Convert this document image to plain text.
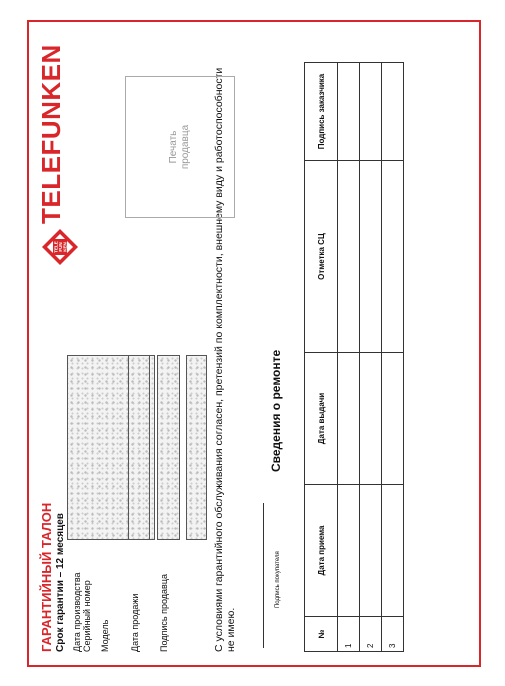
ГАРАНТИЙНЫЙ ТАЛОН Срок гарантии – 12 месяцев Дата производства Серийный номер Модель Дата продажи Подпись продавца	С условиями гарантийного обслуживания согласен, претензий по комплектности, внешнему виду и работоспособности не имею.
Подпись покупателя
Сведения о ремонте
№	Дата приема	Дата выдачи	Отметка СЦ	Подпись заказчика
1				
2				
3				
TELE FUN KEN
TELEFUNKEN	Печать продавца
